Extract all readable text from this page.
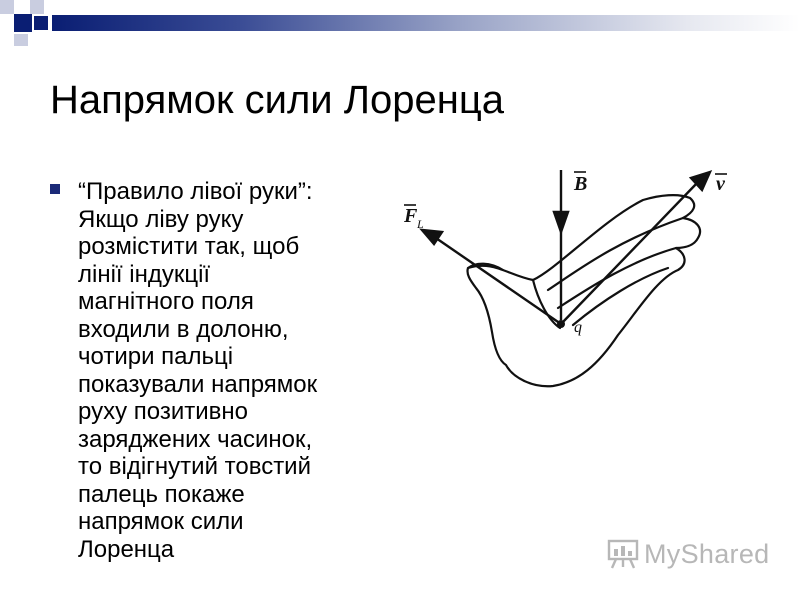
Напрямок сили Лоренца
“Правило лівої руки”:
Якщо ліву руку
розмістити так, щоб
лінії індукції
магнітного поля
входили в долоню,
чотири пальці
показували напрямок
руху позитивно
заряджених часинок,
то відігнутий товстий
палець покаже
напрямок сили
Лоренца
B	v
F L
q
MyShared
